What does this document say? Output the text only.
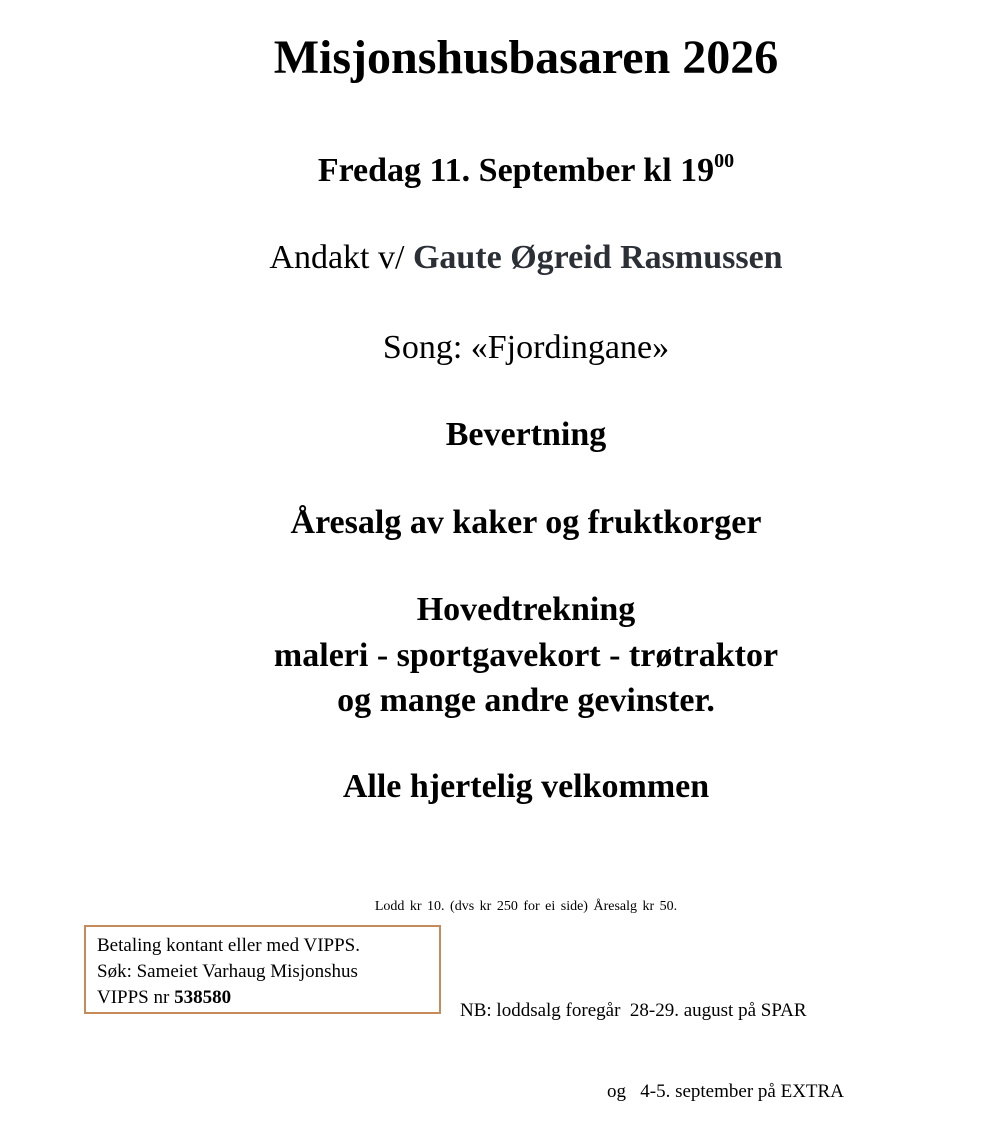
Misjonshusbasaren 2026
Fredag 11. September kl $19^{00}$
Andakt v/ Gaute Øgreid Rasmussen
Song: «Fjordingane»
Bevertning
Åresalg av kaker og fruktkorger
Hovedtrekning
maleri - sportgavekort - trøtraktor
og mange andre gevinster.
Alle hjertelig velkommen
Lodd kr 10. (dvs kr 250 for ei side) Åresalg kr 50.
Betaling kontant eller med VIPPS.
Søk: Sameiet Varhaug Misjonshus
VIPPS nr 538580

NB: loddsalg foregår  28-29. august på SPAR

og   4-5. september på EXTRA
